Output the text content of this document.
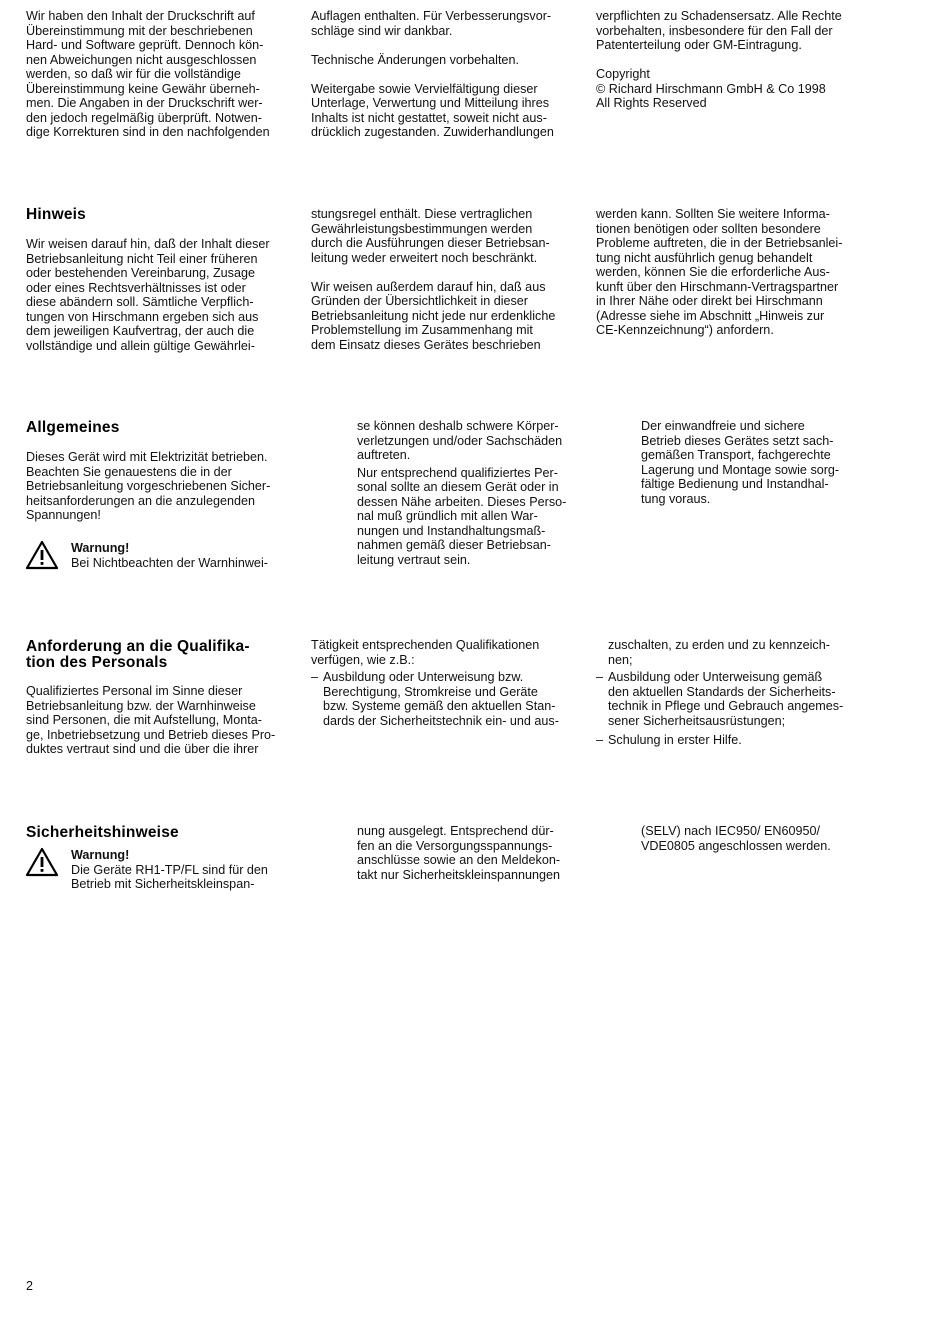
Wir haben den Inhalt der Druckschrift auf
Übereinstimmung mit der beschriebenen
Hard- und Software geprüft. Dennoch kön-
nen Abweichungen nicht ausgeschlossen
werden, so daß wir für die vollständige
Übereinstimmung keine Gewähr überneh-
men. Die Angaben in der Druckschrift wer-
den jedoch regelmäßig überprüft. Notwen-
dige Korrekturen sind in den nachfolgenden
Auflagen enthalten. Für Verbesserungsvor-
schläge sind wir dankbar.
Technische Änderungen vorbehalten.
Weitergabe sowie Vervielfältigung dieser
Unterlage, Verwertung und Mitteilung ihres
Inhalts ist nicht gestattet, soweit nicht aus-
drücklich zugestanden. Zuwiderhandlungen
verpflichten zu Schadensersatz. Alle Rechte
vorbehalten, insbesondere für den Fall der
Patenterteilung oder GM-Eintragung.
Copyright
© Richard Hirschmann GmbH & Co 1998
All Rights Reserved
Hinweis
Wir weisen darauf hin, daß der Inhalt dieser
Betriebsanleitung nicht Teil einer früheren
oder bestehenden Vereinbarung, Zusage
oder eines Rechtsverhältnisses ist oder
diese abändern soll. Sämtliche Verpflich-
tungen von Hirschmann ergeben sich aus
dem jeweiligen Kaufvertrag, der auch die
vollständige und allein gültige Gewährlei-
stungsregel enthält. Diese vertraglichen
Gewährleistungsbestimmungen werden
durch die Ausführungen dieser Betriebsan-
leitung weder erweitert noch beschränkt.
Wir weisen außerdem darauf hin, daß aus
Gründen der Übersichtlichkeit in dieser
Betriebsanleitung nicht jede nur erdenkliche
Problemstellung im Zusammenhang mit
dem Einsatz dieses Gerätes beschrieben
werden kann. Sollten Sie weitere Informa-
tionen benötigen oder sollten besondere
Probleme auftreten, die in der Betriebsanlei-
tung nicht ausführlich genug behandelt
werden, können Sie die erforderliche Aus-
kunft über den Hirschmann-Vertragspartner
in Ihrer Nähe oder direkt bei Hirschmann
(Adresse siehe im Abschnitt „Hinweis zur
CE-Kennzeichnung“) anfordern.
Allgemeines
Dieses Gerät wird mit Elektrizität betrieben.
Beachten Sie genauestens die in der
Betriebsanleitung vorgeschriebenen Sicher-
heitsanforderungen an die anzulegenden
Spannungen!
Warnung!
Bei Nichtbeachten der Warnhinwei-
se können deshalb schwere Körper-
verletzungen und/oder Sachschäden
auftreten.
Nur entsprechend qualifiziertes Per-
sonal sollte an diesem Gerät oder in
dessen Nähe arbeiten. Dieses Perso-
nal muß gründlich mit allen War-
nungen und Instandhaltungsmaß-
nahmen gemäß dieser Betriebsan-
leitung vertraut sein.
Der einwandfreie und sichere
Betrieb dieses Gerätes setzt sach-
gemäßen Transport, fachgerechte
Lagerung und Montage sowie sorg-
fältige Bedienung und Instandhal-
tung voraus.
Anforderung an die Qualifika-
tion des Personals
Qualifiziertes Personal im Sinne dieser
Betriebsanleitung bzw. der Warnhinweise
sind Personen, die mit Aufstellung, Monta-
ge, Inbetriebsetzung und Betrieb dieses Pro-
duktes vertraut sind und die über die ihrer
Tätigkeit entsprechenden Qualifikationen
verfügen, wie z.B.:
– Ausbildung oder Unterweisung bzw.
Berechtigung, Stromkreise und Geräte
bzw. Systeme gemäß den aktuellen Stan-
dards der Sicherheitstechnik ein- und aus-
zuschalten, zu erden und zu kennzeich-
nen;
– Ausbildung oder Unterweisung gemäß
den aktuellen Standards der Sicherheits-
technik in Pflege und Gebrauch angemes-
sener Sicherheitsausrüstungen;
– Schulung in erster Hilfe.
Sicherheitshinweise
Warnung!
Die Geräte RH1-TP/FL sind für den
Betrieb mit Sicherheitskleinspan-
nung ausgelegt. Entsprechend dür-
fen an die Versorgungsspannungs-
anschlüsse sowie an den Meldekon-
takt nur Sicherheitskleinspannungen
(SELV) nach IEC950/ EN60950/
VDE0805 angeschlossen werden.
2
